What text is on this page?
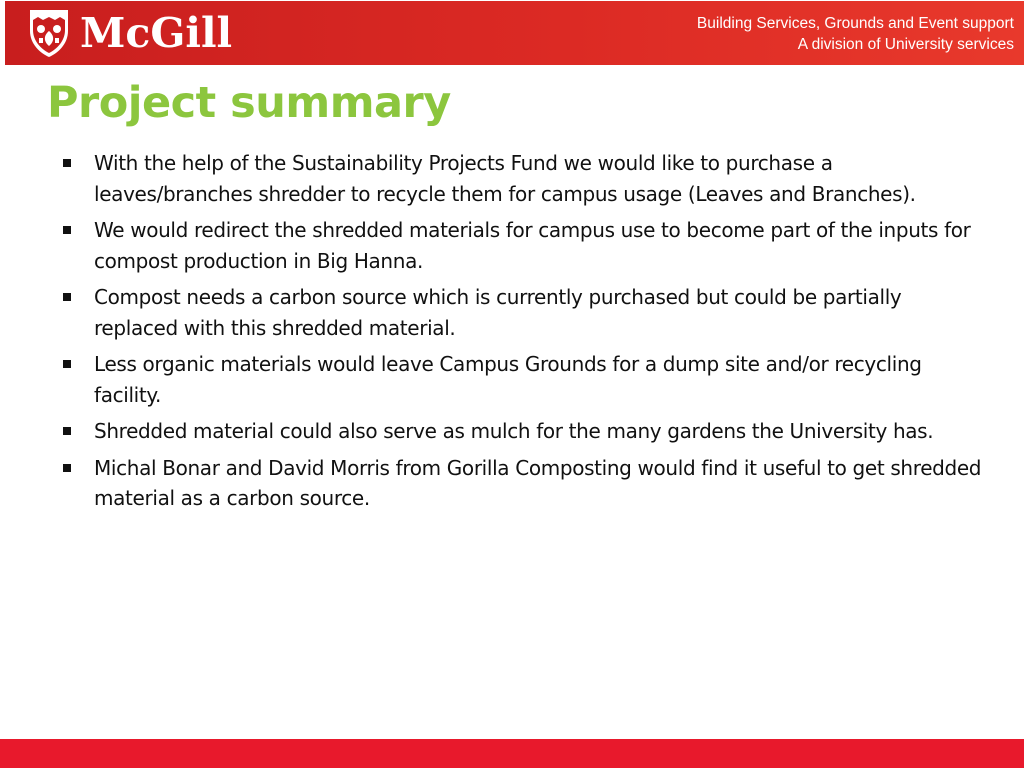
McGill	Building Services, Grounds and Event support
A division of University services
Project summary
With the help of the Sustainability Projects Fund we would like to purchase a leaves/branches shredder to recycle them for campus usage (Leaves and Branches).
We would redirect the shredded materials for campus use to become part of the inputs for compost production in Big Hanna.
Compost needs a carbon source which is currently purchased but could be partially replaced with this shredded material.
Less organic materials would leave Campus Grounds for a dump site and/or recycling facility.
Shredded material could also serve as mulch for the many gardens the University has.
Michal Bonar and David Morris from Gorilla Composting would find it useful to get shredded material as a carbon source.
